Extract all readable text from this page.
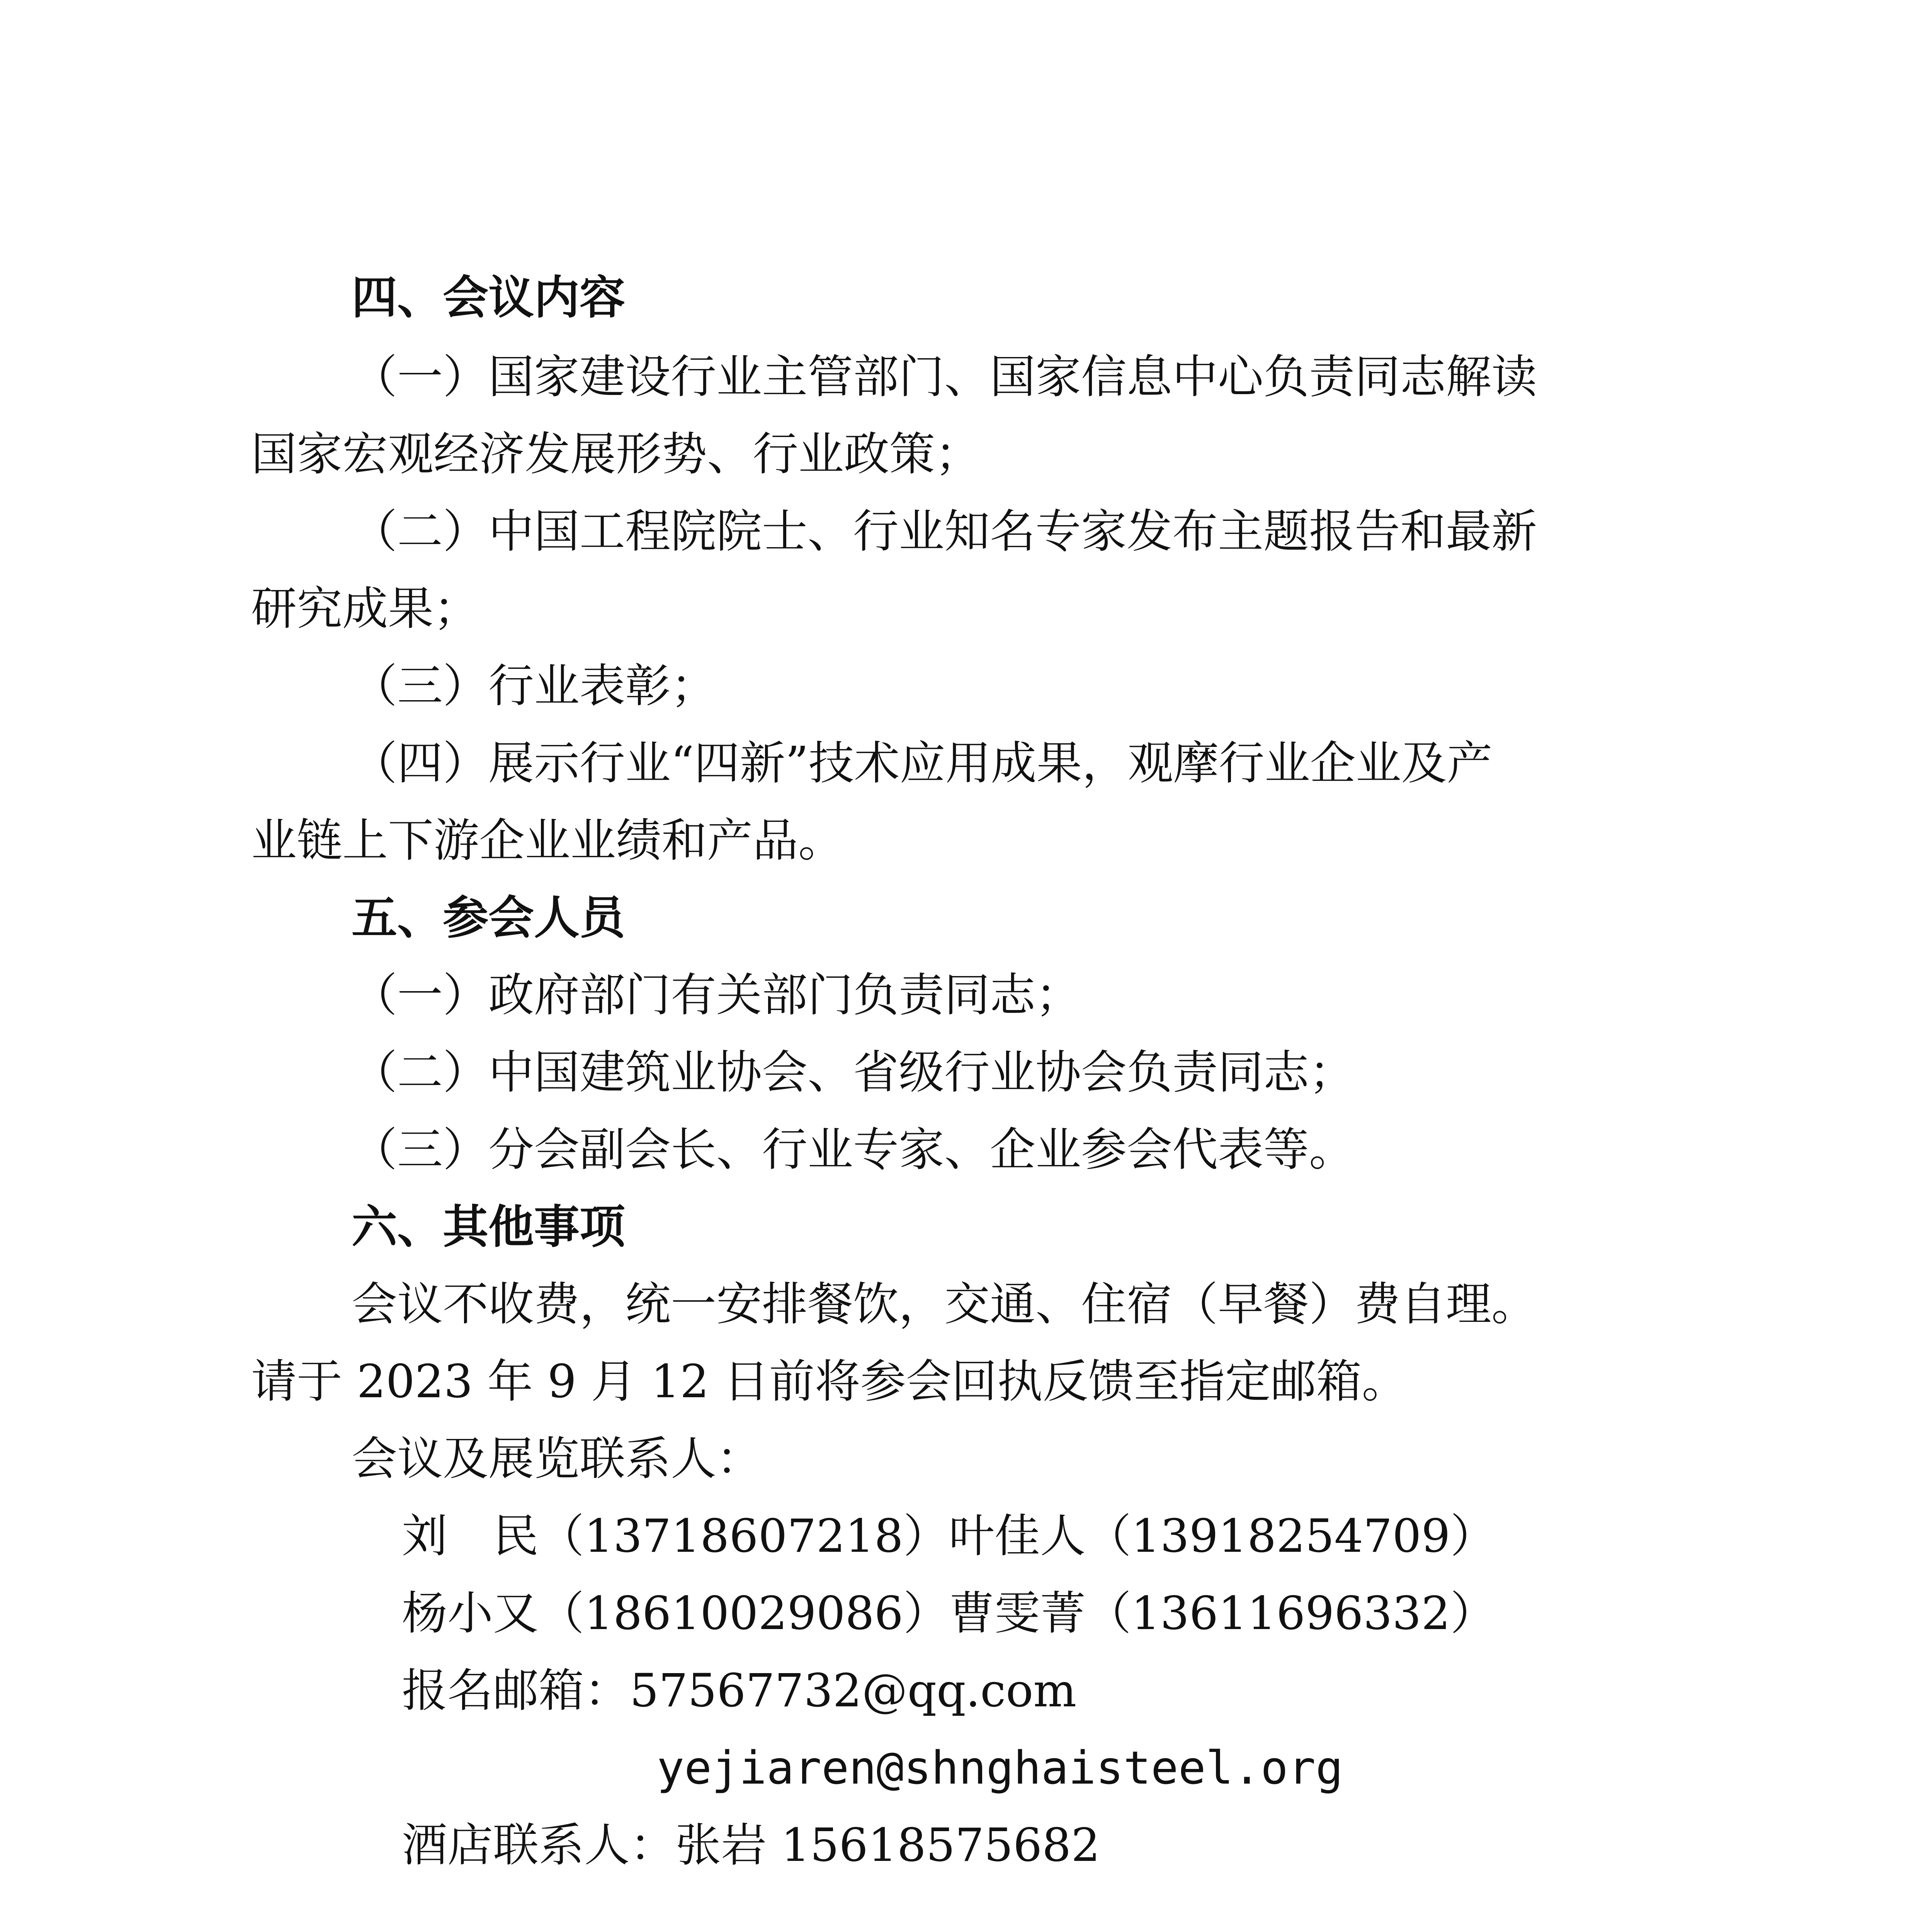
四、会议内容
（一）国家建设行业主管部门、国家信息中心负责同志解读
国家宏观经济发展形势、行业政策；
（二）中国工程院院士、行业知名专家发布主题报告和最新
研究成果；
（三）行业表彰；
（四）展示行业“四新”技术应用成果，观摩行业企业及产
业链上下游企业业绩和产品。
五、参会人员
（一）政府部门有关部门负责同志；
（二）中国建筑业协会、省级行业协会负责同志；
（三）分会副会长、行业专家、企业参会代表等。
六、其他事项
会议不收费，统一安排餐饮，交通、住宿（早餐）费自理。
请于 2023 年 9 月 12 日前将参会回执反馈至指定邮箱。
会议及展览联系人：
刘　民（13718607218）叶佳人（13918254709）
杨小又（18610029086）曹雯菁（13611696332）
报名邮箱：57567732@qq.com
yejiaren@shnghaisteel.org
酒店联系人：张岩 15618575682
